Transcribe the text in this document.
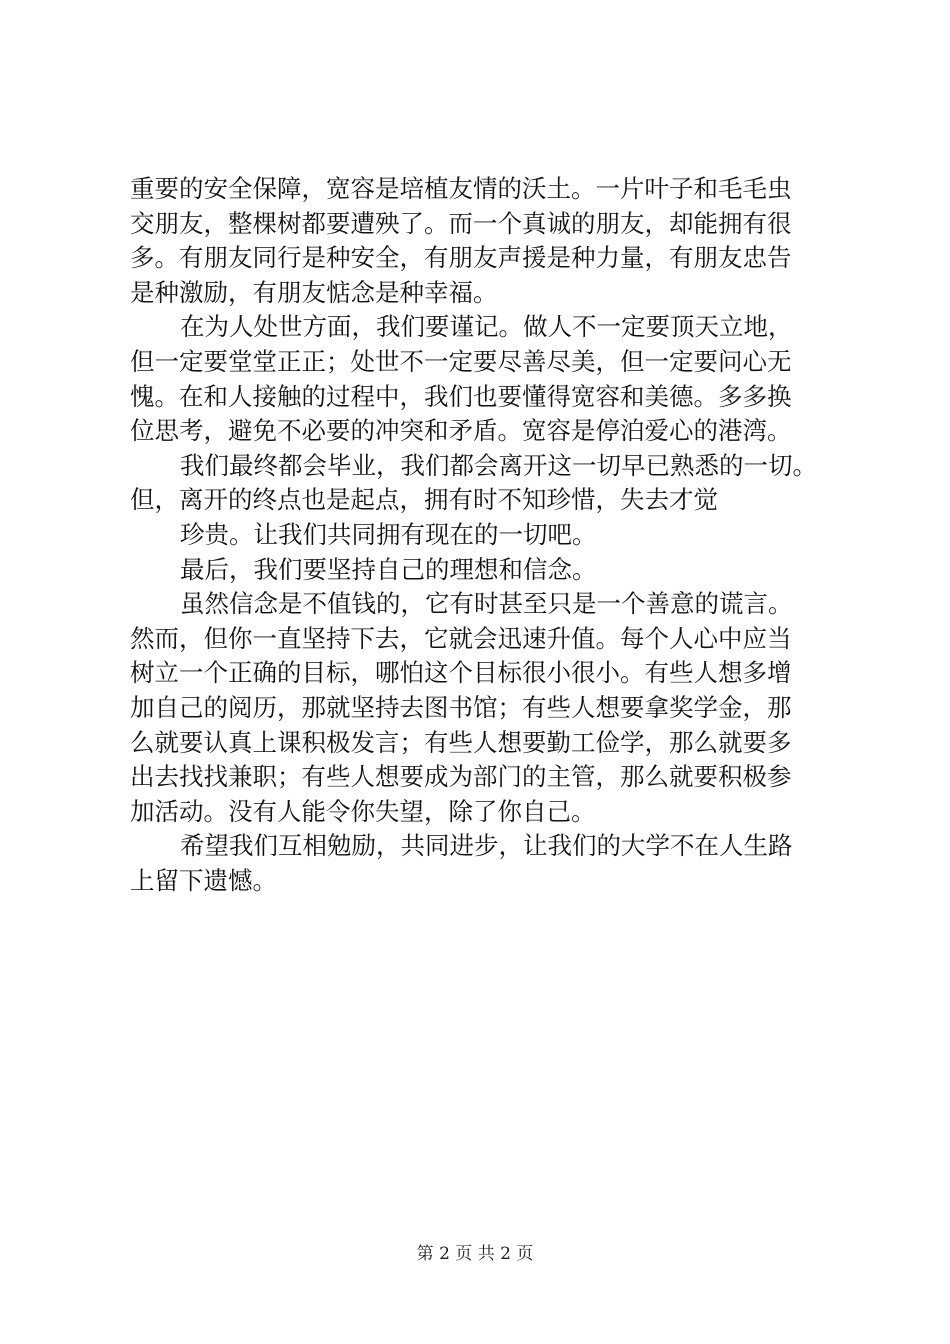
重要的安全保障，宽容是培植友情的沃土。一片叶子和毛毛虫

交朋友，整棵树都要遭殃了。而一个真诚的朋友，却能拥有很

多。有朋友同行是种安全，有朋友声援是种力量，有朋友忠告

是种激励，有朋友惦念是种幸福。

在为人处世方面，我们要谨记。做人不一定要顶天立地，

但一定要堂堂正正；处世不一定要尽善尽美，但一定要问心无

愧。在和人接触的过程中，我们也要懂得宽容和美德。多多换

位思考，避免不必要的冲突和矛盾。宽容是停泊爱心的港湾。

我们最终都会毕业，我们都会离开这一切早已熟悉的一切。

但，离开的终点也是起点，拥有时不知珍惜，失去才觉

珍贵。让我们共同拥有现在的一切吧。

最后，我们要坚持自己的理想和信念。

虽然信念是不值钱的，它有时甚至只是一个善意的谎言。

然而，但你一直坚持下去，它就会迅速升值。每个人心中应当

树立一个正确的目标，哪怕这个目标很小很小。有些人想多增

加自己的阅历，那就坚持去图书馆；有些人想要拿奖学金，那

么就要认真上课积极发言；有些人想要勤工俭学，那么就要多

出去找找兼职；有些人想要成为部门的主管，那么就要积极参

加活动。没有人能令你失望，除了你自己。

希望我们互相勉励，共同进步，让我们的大学不在人生路

上留下遗憾。

第 2 页 共 2 页
